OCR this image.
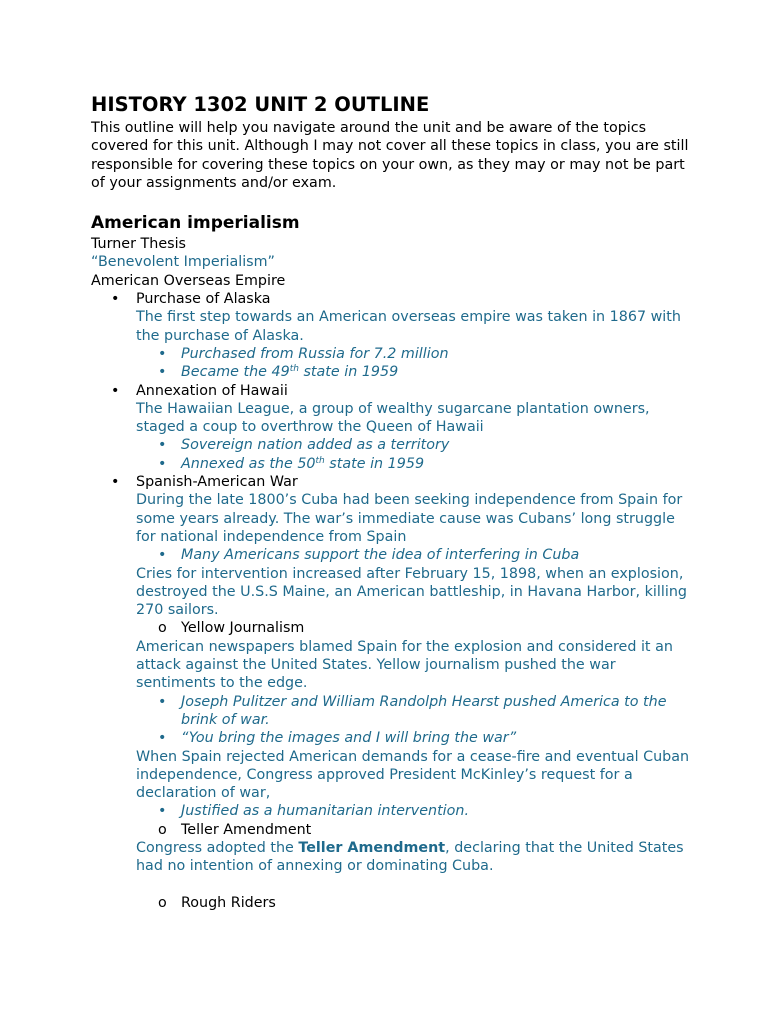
HISTORY 1302 UNIT 2 OUTLINE

This outline will help you navigate around the unit and be aware of the topics covered for this unit. Although I may not cover all these topics in class, you are still responsible for covering these topics on your own, as they may or may not be part of your assignments and/or exam.

American imperialism

Turner Thesis

“Benevolent Imperialism”

American Overseas Empire

• Purchase of Alaska

The first step towards an American overseas empire was taken in 1867 with the purchase of Alaska.

• Purchased from Russia for 7.2 million
• Became the 49th state in 1959
• Annexation of Hawaii

The Hawaiian League, a group of wealthy sugarcane plantation owners, staged a coup to overthrow the Queen of Hawaii

• Sovereign nation added as a territory
• Annexed as the 50th state in 1959
• Spanish-American War

During the late 1800’s Cuba had been seeking independence from Spain for some years already. The war’s immediate cause was Cubans’ long struggle for national independence from Spain

• Many Americans support the idea of interfering in Cuba

Cries for intervention increased after February 15, 1898, when an explosion, destroyed the U.S.S Maine, an American battleship, in Havana Harbor, killing 270 sailors.

o Yellow Journalism

American newspapers blamed Spain for the explosion and considered it an attack against the United States. Yellow journalism pushed the war sentiments to the edge.

• Joseph Pulitzer and William Randolph Hearst pushed America to the brink of war.
• “You bring the images and I will bring the war”

When Spain rejected American demands for a cease-fire and eventual Cuban independence, Congress approved President McKinley’s request for a declaration of war,

• Justified as a humanitarian intervention.
o Teller Amendment

Congress adopted the Teller Amendment, declaring that the United States had no intention of annexing or dominating Cuba.

o Rough Riders
